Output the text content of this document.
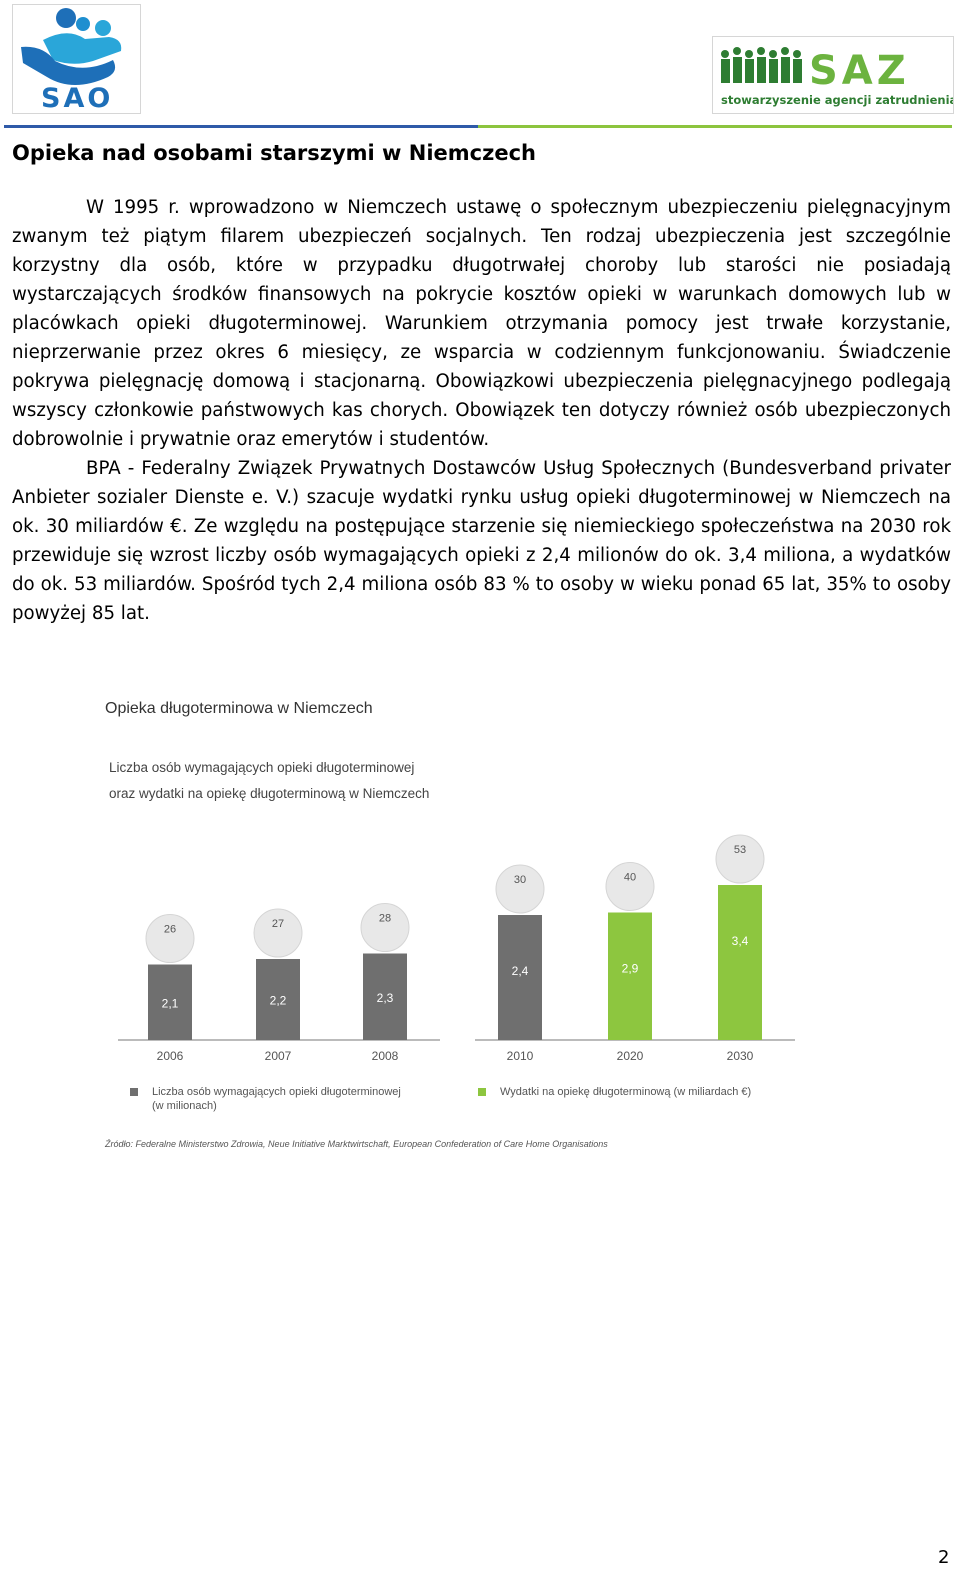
SAO
SAZ
stowarzyszenie agencji zatrudnienia
Opieka nad osobami starszymi w Niemczech

W 1995 r. wprowadzono w Niemczech ustawę o społecznym ubezpieczeniu pielęgnacyjnym zwanym też piątym filarem ubezpieczeń socjalnych. Ten rodzaj ubezpieczenia jest szczególnie korzystny dla osób, które w przypadku długotrwałej choroby lub starości nie posiadają wystarczających środków finansowych na pokrycie kosztów opieki w warunkach domowych lub w placówkach opieki długoterminowej. Warunkiem otrzymania pomocy jest trwałe korzystanie, nieprzerwanie przez okres 6 miesięcy, ze wsparcia w codziennym funkcjonowaniu. Świadczenie pokrywa pielęgnację domową i stacjonarną. Obowiązkowi ubezpieczenia pielęgnacyjnego podlegają wszyscy członkowie państwowych kas chorych. Obowiązek ten dotyczy również osób ubezpieczonych dobrowolnie i prywatnie oraz emerytów i studentów.

BPA - Federalny Związek Prywatnych Dostawców Usług Społecznych (Bundesverband privater Anbieter sozialer Dienste e. V.) szacuje wydatki rynku usług opieki długoterminowej w Niemczech na ok. 30 miliardów €. Ze względu na postępujące starzenie się niemieckiego społeczeństwa na 2030 rok przewiduje się wzrost liczby osób wymagających opieki z 2,4 milionów do ok. 3,4 miliona, a wydatków do ok. 53 miliardów. Spośród tych 2,4 miliona osób 83 % to osoby w wieku ponad 65 lat, 35% to osoby powyżej 85 lat.

2,1
26
2006
2,2
27
2007
2,3
28
2008
2,4
30
2010
2,9
40
2020
3,4
53
2030
Opieka długoterminowa w Niemczech
Liczba osób wymagających opieki długoterminowej
oraz wydatki na opiekę długoterminową w Niemczech
Liczba osób wymagających opieki długoterminowej
(w milionach)
Wydatki na opiekę długoterminową (w miliardach €)
Źródło: Federalne Ministerstwo Zdrowia, Neue Initiative Marktwirtschaft, European Confederation of Care Home Organisations
2
